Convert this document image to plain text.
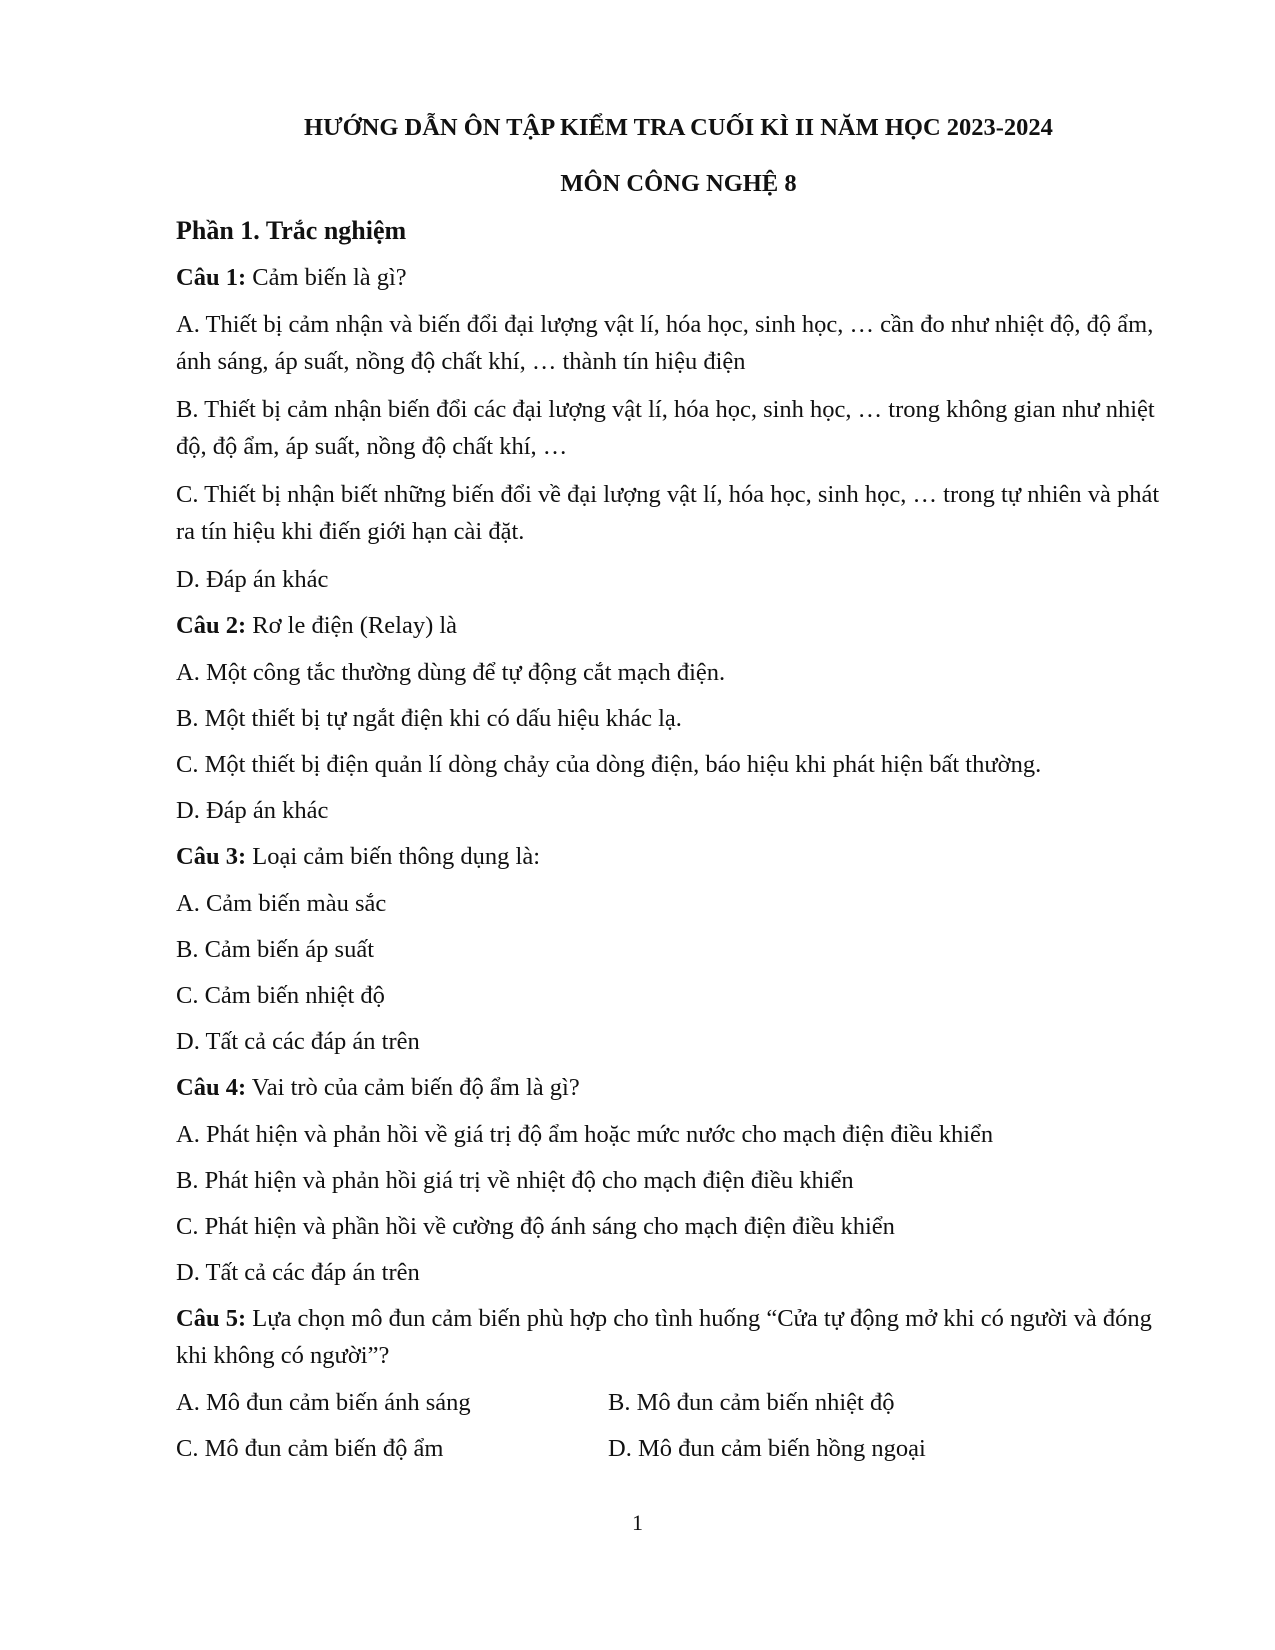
HƯỚNG DẪN ÔN TẬP KIỂM TRA CUỐI KÌ II NĂM HỌC 2023-2024

MÔN CÔNG NGHỆ 8

Phần 1. Trắc nghiệm

Câu 1: Cảm biến là gì?

A. Thiết bị cảm nhận và biến đổi đại lượng vật lí, hóa học, sinh học, … cần đo như nhiệt độ, độ ẩm, ánh sáng, áp suất, nồng độ chất khí, … thành tín hiệu điện

B. Thiết bị cảm nhận biến đổi các đại lượng vật lí, hóa học, sinh học, … trong không gian như nhiệt độ, độ ẩm, áp suất, nồng độ chất khí, …

C. Thiết bị nhận biết những biến đổi về đại lượng vật lí, hóa học, sinh học, … trong tự nhiên và phát ra tín hiệu khi điến giới hạn cài đặt.

D. Đáp án khác

Câu 2: Rơ le điện (Relay) là

A. Một công tắc thường dùng để tự động cắt mạch điện.

B. Một thiết bị tự ngắt điện khi có dấu hiệu khác lạ.

C. Một thiết bị điện quản lí dòng chảy của dòng điện, báo hiệu khi phát hiện bất thường.

D. Đáp án khác

Câu 3: Loại cảm biến thông dụng là:

A. Cảm biến màu sắc

B. Cảm biến áp suất

C. Cảm biến nhiệt độ

D. Tất cả các đáp án trên

Câu 4: Vai trò của cảm biến độ ẩm là gì?

A. Phát hiện và phản hồi về giá trị độ ẩm hoặc mức nước cho mạch điện điều khiển

B. Phát hiện và phản hồi giá trị về nhiệt độ cho mạch điện điều khiển

C. Phát hiện và phần hồi về cường độ ánh sáng cho mạch điện điều khiển

D. Tất cả các đáp án trên

Câu 5: Lựa chọn mô đun cảm biến phù hợp cho tình huống “Cửa tự động mở khi có người và đóng khi không có người”?

A. Mô đun cảm biến ánh sáng	B. Mô đun cảm biến nhiệt độ
C. Mô đun cảm biến độ ẩm	D. Mô đun cảm biến hồng ngoại
1
